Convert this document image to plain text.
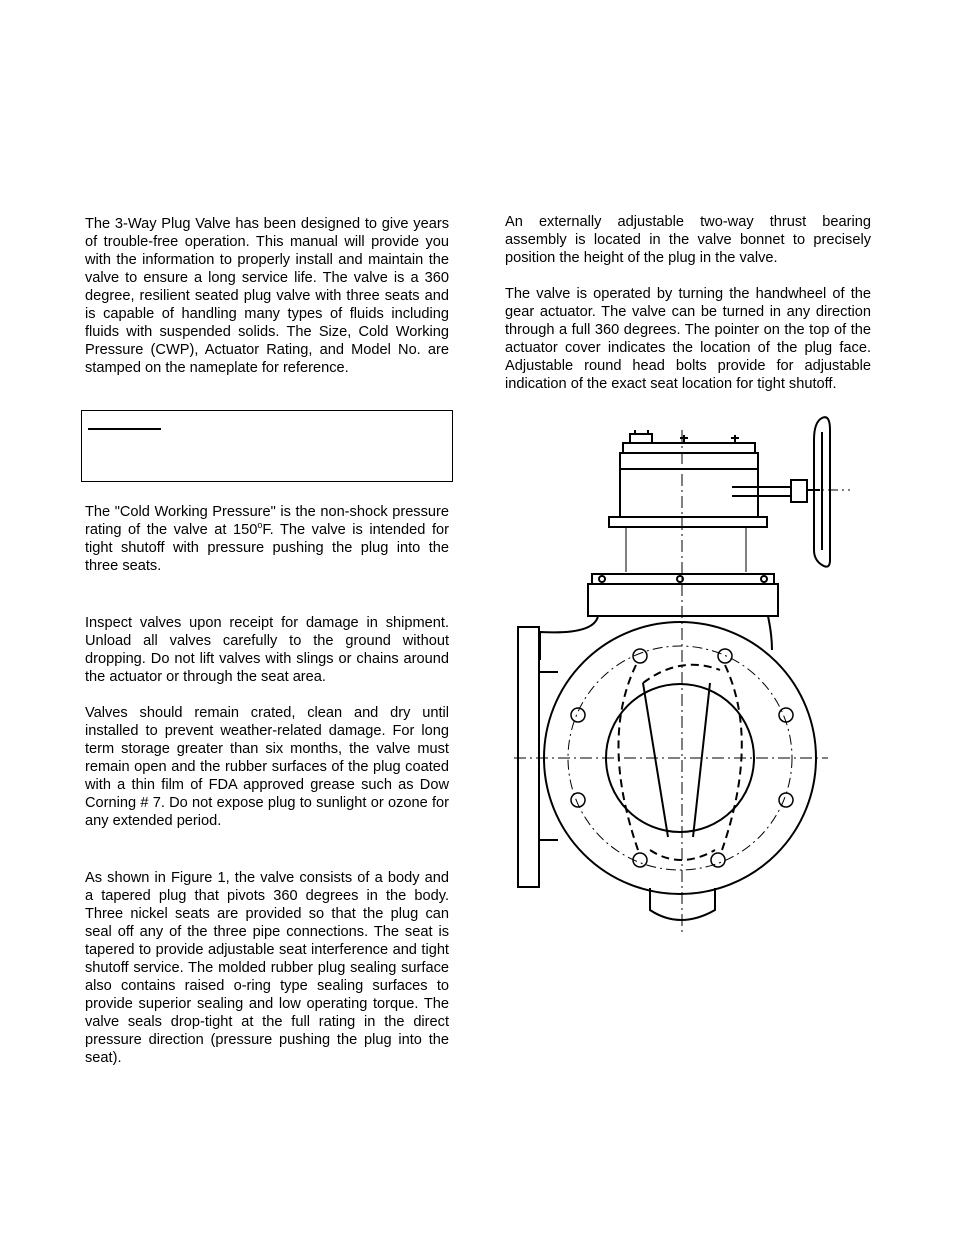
The 3-Way Plug Valve has been designed to give years of trouble-free operation. This manual will provide you with the information to properly install and maintain the valve to ensure a long service life. The valve is a 360 degree, resilient seated plug valve with three seats and is capable of handling many types of fluids including fluids with suspended solids. The Size, Cold Working Pressure (CWP), Actuator Rating, and Model No. are stamped on the nameplate for reference.

The "Cold Working Pressure" is the non-shock pressure rating of the valve at 150$^o$F. The valve is intended for tight shutoff with pressure pushing the plug into the three seats.

Inspect valves upon receipt for damage in shipment. Unload all valves carefully to the ground without dropping. Do not lift valves with slings or chains around the actuator or through the seat area.

Valves should remain crated, clean and dry until installed to prevent weather-related damage. For long term storage greater than six months, the valve must remain open and the rubber surfaces of the plug coated with a thin film of FDA approved grease such as Dow Corning # 7. Do not expose plug to sunlight or ozone for any extended period.

As shown in Figure 1, the valve consists of a body and a tapered plug that pivots 360 degrees in the body. Three nickel seats are provided so that the plug can seal off any of the three pipe connections. The seat is tapered to provide adjustable seat interference and tight shutoff service. The molded rubber plug sealing surface also contains raised o-ring type sealing surfaces to provide superior sealing and low operating torque. The valve seals drop-tight at the full rating in the direct pressure direction (pressure pushing the plug into the seat).

An externally adjustable two-way thrust bearing assembly is located in the valve bonnet to precisely position the height of the plug in the valve.

The valve is operated by turning the handwheel of the gear actuator. The valve can be turned in any direction through a full 360 degrees. The pointer on the top of the actuator cover indicates the location of the plug face. Adjustable round head bolts provide for adjustable indication of the exact seat location for tight shutoff.
